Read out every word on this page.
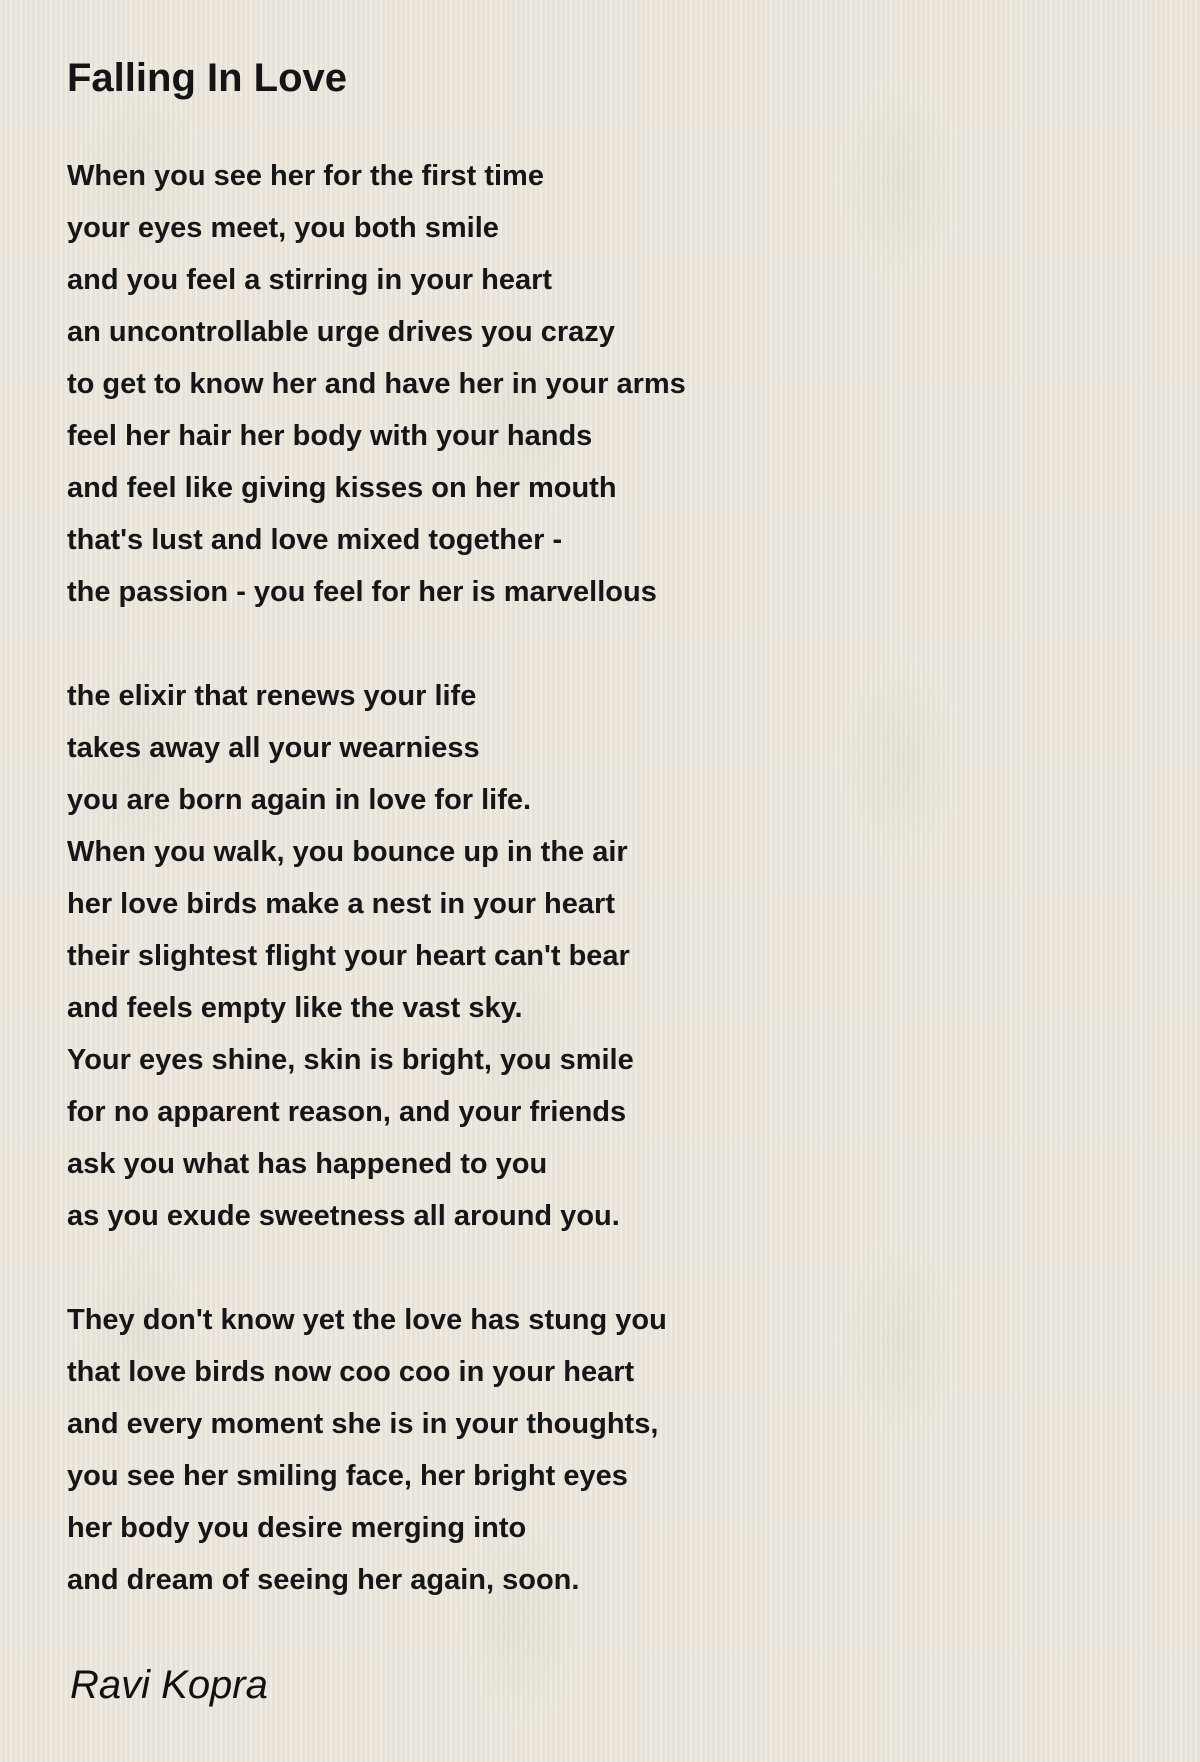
Falling In Love
When you see her for the first time
your eyes meet, you both smile
and you feel a stirring in your heart
an uncontrollable urge drives you crazy
to get to know her and have her in your arms
feel her hair her body with your hands
and feel like giving kisses on her mouth
that's lust and love mixed together -
the passion - you feel for her is marvellous
the elixir that renews your life
takes away all your wearniess
you are born again in love for life.
When you walk, you bounce up in the air
her love birds make a nest in your heart
their slightest flight your heart can't bear
and feels empty like the vast sky.
Your eyes shine, skin is bright, you smile
for no apparent reason, and your friends
ask you what has happened to you
as you exude sweetness all around you.
They don't know yet the love has stung you
that love birds now coo coo in your heart
and every moment she is in your thoughts,
you see her smiling face, her bright eyes
her body you desire merging into
and dream of seeing her again, soon.

Ravi Kopra
